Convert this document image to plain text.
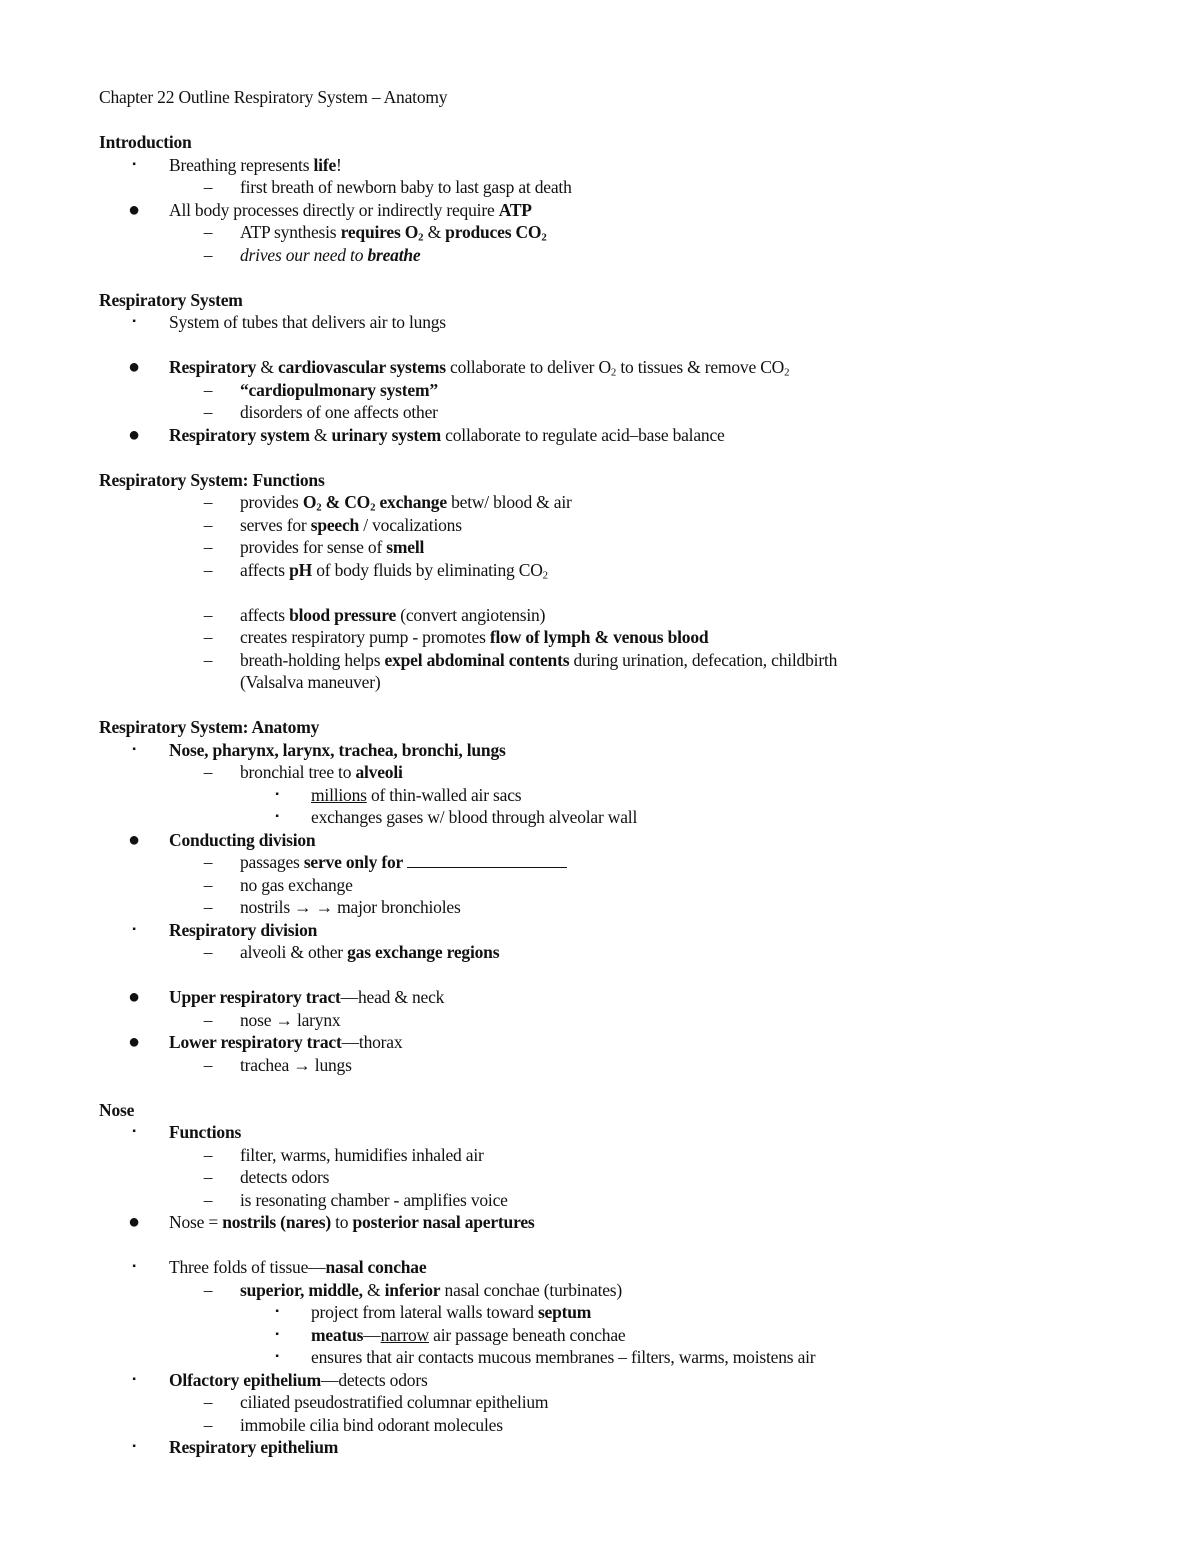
Chapter 22 Outline Respiratory System – Anatomy
Introduction
▪	Breathing represents life!
– first breath of newborn baby to last gasp at death
● All body processes directly or indirectly require ATP
– ATP synthesis requires $O_2$ & produces $CO_2$
– drives our need to breathe
Respiratory System
▪	System of tubes that delivers air to lungs
● Respiratory & cardiovascular systems collaborate to deliver $O_2$ to tissues & remove $CO_2$
– “cardiopulmonary system”
– disorders of one affects other
● Respiratory system & urinary system collaborate to regulate acid–base balance
Respiratory System: Functions
– provides $O_2$ & $CO_2$ exchange betw/ blood & air
– serves for speech / vocalizations
– provides for sense of smell
– affects pH of body fluids by eliminating $CO_2$
– affects blood pressure (convert angiotensin)
– creates respiratory pump - promotes flow of lymph & venous blood
– breath-holding helps expel abdominal contents during urination, defecation, childbirth
(Valsalva maneuver)
Respiratory System: Anatomy
▪	Nose, pharynx, larynx, trachea, bronchi, lungs
– bronchial tree to alveoli
▪	millions of thin-walled air sacs
▪	exchanges gases w/ blood through alveolar wall
● Conducting division
– passages serve only for
– no gas exchange
– nostrils → → major bronchioles
▪	Respiratory division
– alveoli & other gas exchange regions
● Upper respiratory tract—head & neck
– nose → larynx
● Lower respiratory tract—thorax
– trachea → lungs
Nose
▪	Functions
– filter, warms, humidifies inhaled air
– detects odors
– is resonating chamber - amplifies voice
● Nose = nostrils (nares) to posterior nasal apertures
▪	Three folds of tissue—nasal conchae
– superior, middle, & inferior nasal conchae (turbinates)
▪	project from lateral walls toward septum
▪	meatus—narrow air passage beneath conchae
▪	ensures that air contacts mucous membranes – filters, warms, moistens air
▪	Olfactory epithelium—detects odors
– ciliated pseudostratified columnar epithelium
– immobile cilia bind odorant molecules
▪	Respiratory epithelium
